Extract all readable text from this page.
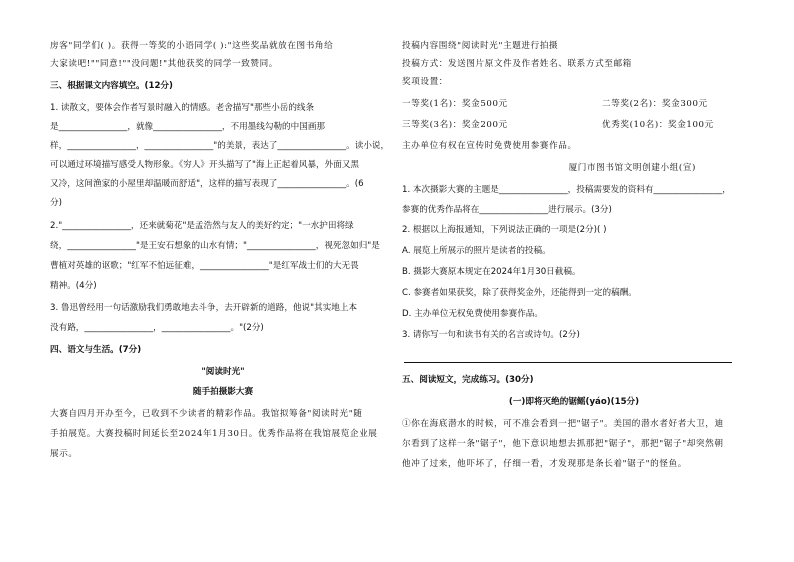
房客"同学们( )。获得一等奖的小语同学( ):"这些奖品就放在图书角给
大家读吧!""同意!""没问题!"其他获奖的同学一致赞同。
三、根据课文内容填空。(12分)
1. 读散文，要体会作者写景时融入的情感。老舍描写"那些小岳的线条
是________________，就像________________，不用墨线勾勒的中国画那
样，________________，________________"的美景，表达了________________。读小说，
可以通过环境描写感受人物形象。《穷人》开头描写了"海上正起着风暴，外面又黑
又冷，这间渔家的小屋里却温暖而舒适"，这样的描写表现了________________。(6
分)
2."________________，还来就菊花"是孟浩然与友人的美好约定；"一水护田将绿
绕，________________"是王安石想象的山水有情；"________________，视死忽如归"是
曹植对英雄的讴歌；"红军不怕远征难，________________"是红军战士们的大无畏
精神。(4分)
3. 鲁迅曾经用一句话激励我们勇敢地去斗争，去开辟新的道路，他说"其实地上本
没有路，________________，________________。"(2分)
四、语文与生活。(7分)
"阅读时光"
随手拍摄影大赛
大赛自四月开办至今，已收到不少读者的精彩作品。我馆拟筹备"阅读时光"随
手拍展览。大赛投稿时间延长至2024年1月30日。优秀作品将在我馆展览企业展
展示。
投稿内容围绕"阅读时光"主题进行拍摄
投稿方式：发送图片原文件及作者姓名、联系方式至邮箱
奖项设置：
一等奖(1名)：奖金500元	二等奖(2名)：奖金300元
三等奖(3名)：奖金200元	优秀奖(10名)：奖金100元
主办单位有权在宣传时免费使用参赛作品。
厦门市图书馆文明创建小组(宣)
1. 本次摄影大赛的主题是________________，投稿需要发的资料有________________，
参赛的优秀作品将在________________进行展示。(3分)
2. 根据以上海报通知，下列说法正确的一项是(2分)( )
A. 展览上所展示的照片是读者的投稿。
B. 摄影大赛原本规定在2024年1月30日截稿。
C. 参赛者如果获奖，除了获得奖金外，还能得到一定的稿酬。
D. 主办单位无权免费使用参赛作品。
3. 请你写一句和读书有关的名言或诗句。(2分)
五、阅读短文，完成练习。(30分)
(一)即将灭绝的锯鳐(yáo)(15分)
①你在海底潜水的时候，可不准会看到一把"锯子"。美国的潜水者好者大卫，迪
尔看到了这样一条"锯子"，他下意识地想去抓那把"锯子"，那把"锯子"却突然朝
他冲了过来，他吓坏了，仔细一看，才发现那是条长着"锯子"的怪鱼。
